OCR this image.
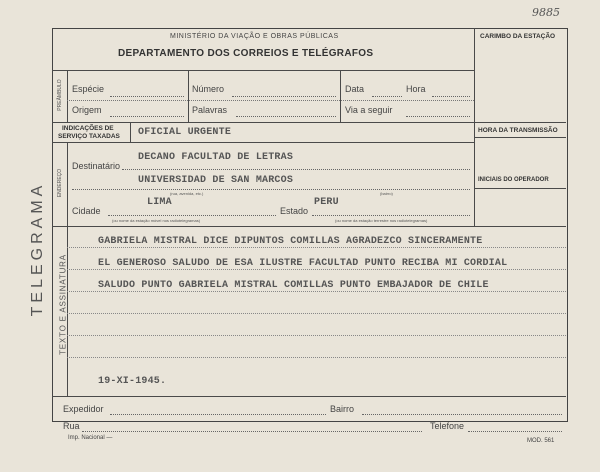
9885
TELEGRAMA
MINISTÉRIO DA VIAÇÃO E OBRAS PÚBLICAS
DEPARTAMENTO DOS CORREIOS E TELÉGRAFOS
CARIMBO DA ESTAÇÃO
PREÂMBULO Espécie	Número	Data	Hora
Origem	Palavras	Via a seguir
HORA DA TRANSMISSÃO
INICIAIS DO OPERADOR
INDICAÇÕES DE
SERVIÇO TAXADAS OFICIAL URGENTE
ENDEREÇO
Destinatário
DECANO FACULTAD DE LETRAS
UNIVERSIDAD DE SAN MARCOS
(rua, avenida, etc.)	(bairro)
Cidade
LIMA
Estado
PERU
(ou nome da estação móvel nos radiotelegramas)	(ou nome da estação terrestre nos radiotelegramas)
TEXTO E ASSINATURA
GABRIELA MISTRAL DICE DIPUNTOS COMILLAS AGRADEZCO SINCERAMENTE
EL GENEROSO SALUDO DE ESA ILUSTRE FACULTAD PUNTO RECIBA MI CORDIAL
SALUDO PUNTO GABRIELA MISTRAL COMILLAS PUNTO EMBAJADOR DE CHILE
19-XI-1945.
Expedidor	Bairro
Rua	Telefone
Imp. Nacional —	MOD. 561
